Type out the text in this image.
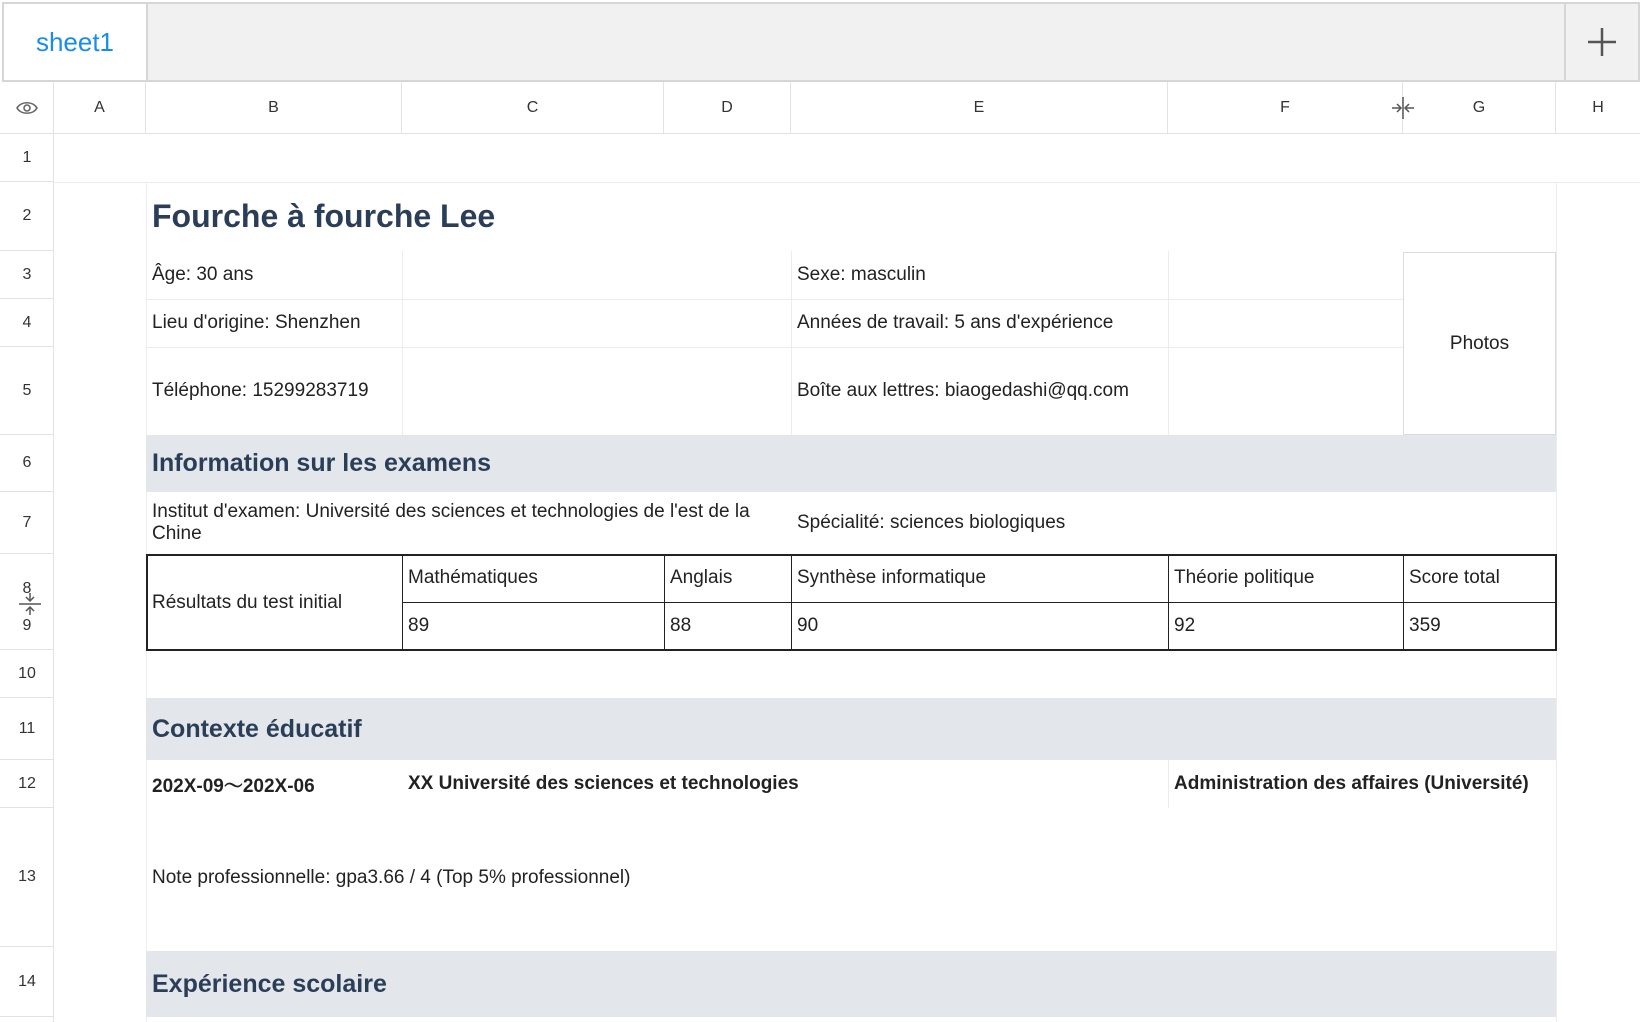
sheet1
A	B	C	D	E	F	G	H
1
2
3
4
5
6
7
8
9
10
11
12
13
14
Fourche à fourche Lee
Âge: 30 ans	Sexe: masculin
Lieu d'origine: Shenzhen	Années de travail: 5 ans d'expérience
Téléphone: 15299283719	Boîte aux lettres: biaogedashi@qq.com
Photos
Information sur les examens
Institut d'examen: Université des sciences et technologies de l'est de la Chine
Spécialité: sciences biologiques
Résultats du test initial
Mathématiques	Anglais	Synthèse informatique	Théorie politique	Score total
89	88	90	92	359
Contexte éducatif
202X-09～202X-06	XX Université des sciences et technologies	Administration des affaires (Université)
Note professionnelle: gpa3.66 / 4 (Top 5% professionnel)
Expérience scolaire
